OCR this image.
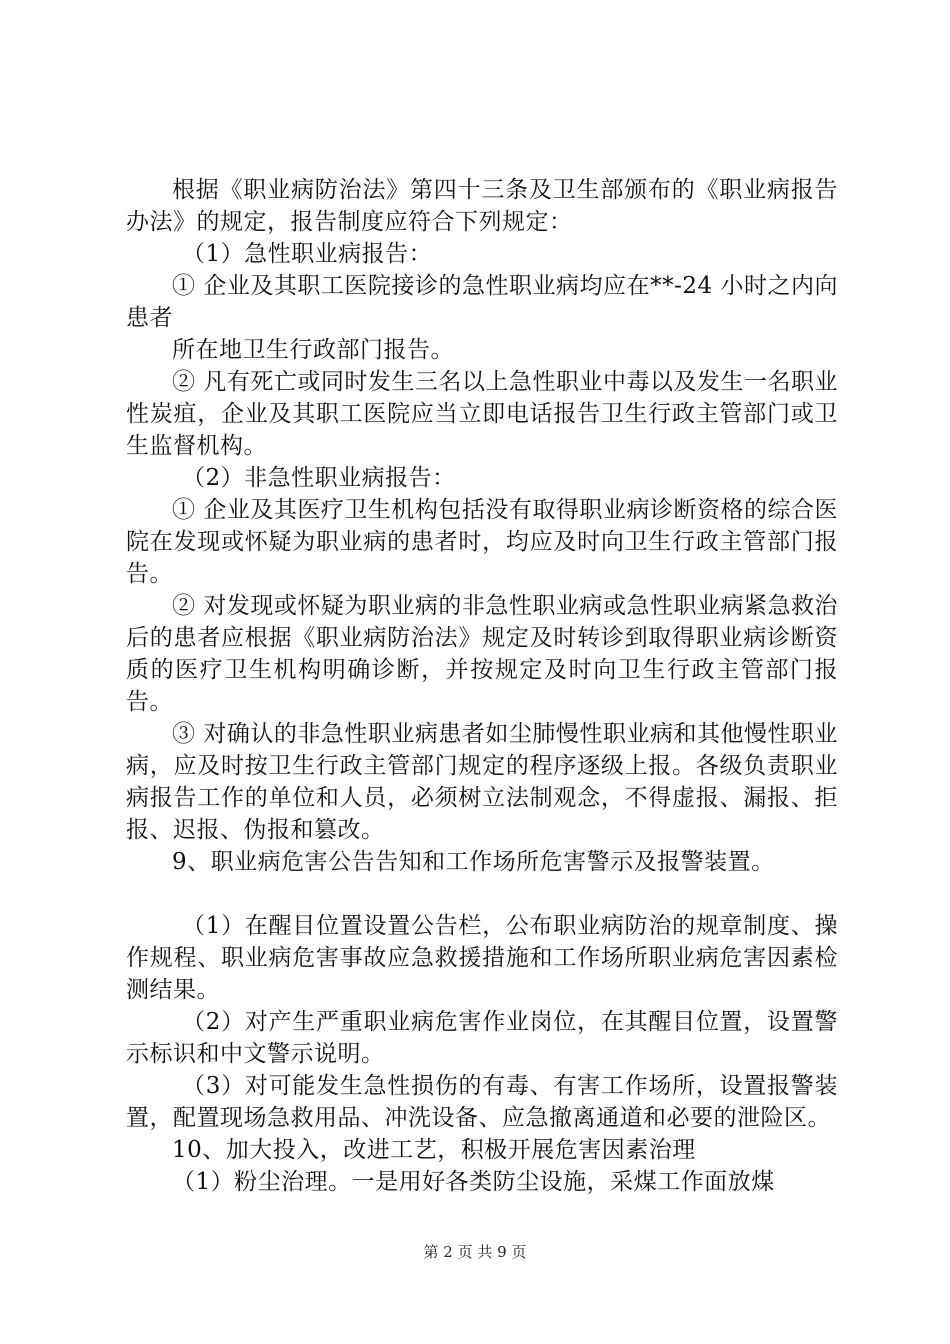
根据《职业病防治法》第四十三条及卫生部颁布的《职业病报告办法》的规定，报告制度应符合下列规定：

（1）急性职业病报告：

① 企业及其职工医院接诊的急性职业病均应在**-24 小时之内向患者

所在地卫生行政部门报告。

② 凡有死亡或同时发生三名以上急性职业中毒以及发生一名职业性炭疽，企业及其职工医院应当立即电话报告卫生行政主管部门或卫生监督机构。

（2）非急性职业病报告：

① 企业及其医疗卫生机构包括没有取得职业病诊断资格的综合医院在发现或怀疑为职业病的患者时，均应及时向卫生行政主管部门报告。

② 对发现或怀疑为职业病的非急性职业病或急性职业病紧急救治后的患者应根据《职业病防治法》规定及时转诊到取得职业病诊断资质的医疗卫生机构明确诊断，并按规定及时向卫生行政主管部门报告。

③ 对确认的非急性职业病患者如尘肺慢性职业病和其他慢性职业病，应及时按卫生行政主管部门规定的程序逐级上报。各级负责职业病报告工作的单位和人员，必须树立法制观念，不得虚报、漏报、拒报、迟报、伪报和篡改。

9、职业病危害公告告知和工作场所危害警示及报警装置。

（1）在醒目位置设置公告栏，公布职业病防治的规章制度、操作规程、职业病危害事故应急救援措施和工作场所职业病危害因素检测结果。

（2）对产生严重职业病危害作业岗位，在其醒目位置，设置警示标识和中文警示说明。

（3）对可能发生急性损伤的有毒、有害工作场所，设置报警装置，配置现场急救用品、冲洗设备、应急撤离通道和必要的泄险区。

10、加大投入，改进工艺，积极开展危害因素治理

（1）粉尘治理。一是用好各类防尘设施，采煤工作面放煤

第 2 页 共 9 页
